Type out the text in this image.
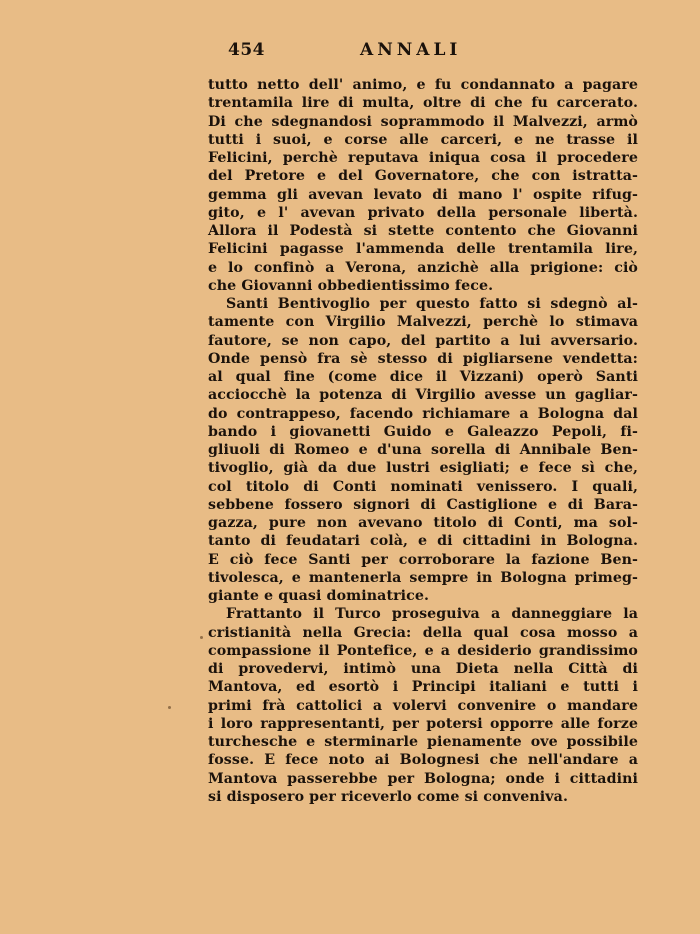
454	ANNALI
tutto netto dell' animo, e fu condannato a pagare
trentamila lire di multa, oltre di che fu carcerato.
Di che sdegnandosi soprammodo il Malvezzi, armò
tutti i suoi, e corse alle carceri, e ne trasse il
Felicini, perchè reputava iniqua cosa il procedere
del Pretore e del Governatore, che con istratta-
gemma gli avevan levato di mano l' ospite rifug-
gito, e l' avevan privato della personale libertà.
Allora il Podestà si stette contento che Giovanni
Felicini pagasse l'ammenda delle trentamila lire,
e lo confinò a Verona, anzichè alla prigione: ciò
che Giovanni obbedientissimo fece.
Santi Bentivoglio per questo fatto si sdegnò al-
tamente con Virgilio Malvezzi, perchè lo stimava
fautore, se non capo, del partito a lui avversario.
Onde pensò fra sè stesso di pigliarsene vendetta:
al qual fine (come dice il Vizzani) operò Santi
acciocchè la potenza di Virgilio avesse un gagliar-
do contrappeso, facendo richiamare a Bologna dal
bando i giovanetti Guido e Galeazzo Pepoli, fi-
gliuoli di Romeo e d'una sorella di Annibale Ben-
tivoglio, già da due lustri esigliati; e fece sì che,
col titolo di Conti nominati venissero. I quali,
sebbene fossero signori di Castiglione e di Bara-
gazza, pure non avevano titolo di Conti, ma sol-
tanto di feudatari colà, e di cittadini in Bologna.
E ciò fece Santi per corroborare la fazione Ben-
tivolesca, e mantenerla sempre in Bologna primeg-
giante e quasi dominatrice.
Frattanto il Turco proseguiva a danneggiare la
cristianità nella Grecia: della qual cosa mosso a
compassione il Pontefice, e a desiderio grandissimo
di provedervi, intimò una Dieta nella Città di
Mantova, ed esortò i Principi italiani e tutti i
primi frà cattolici a volervi convenire o mandare
i loro rappresentanti, per potersi opporre alle forze
turchesche e sterminarle pienamente ove possibile
fosse. E fece noto ai Bolognesi che nell'andare a
Mantova passerebbe per Bologna; onde i cittadini
si disposero per riceverlo come si conveniva.
